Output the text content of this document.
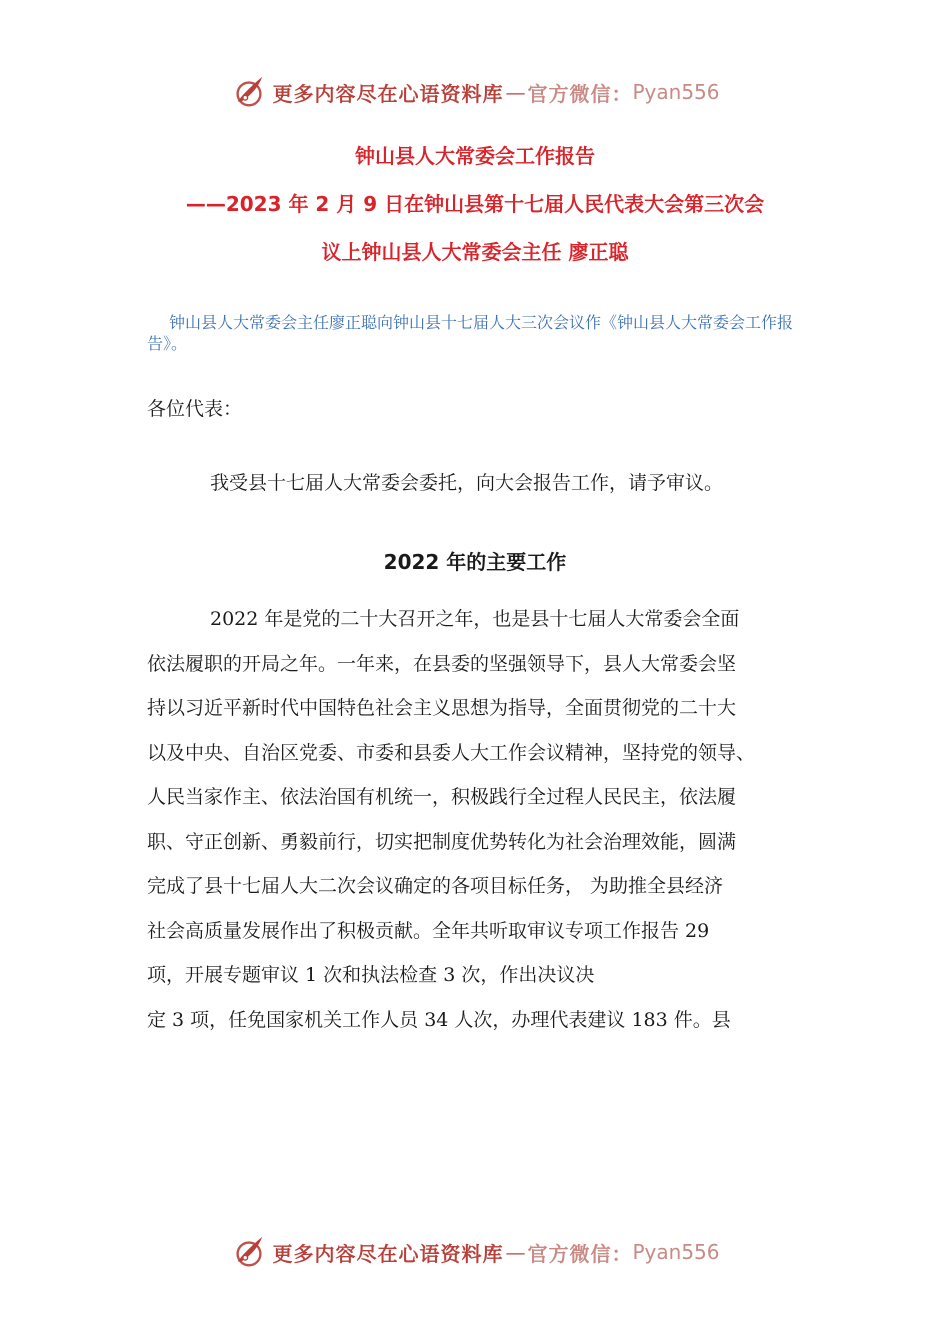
更多内容尽在心语资料库 — 官方微信： Pyan556
钟山县人大常委会工作报告
——2023 年 2 月 9 日在钟山县第十七届人民代表大会第三次会
议上钟山县人大常委会主任 廖正聪
钟山县人大常委会主任廖正聪向钟山县十七届人大三次会议作《钟山县人大常委会工作报告》。
各位代表：
我受县十七届人大常委会委托，向大会报告工作，请予审议。
2022 年的主要工作
2022 年是党的二十大召开之年，也是县十七届人大常委会全面
依法履职的开局之年。一年来，在县委的坚强领导下，县人大常委会坚
持以习近平新时代中国特色社会主义思想为指导，全面贯彻党的二十大
以及中央、自治区党委、市委和县委人大工作会议精神，坚持党的领导、
人民当家作主、依法治国有机统一，积极践行全过程人民民主，依法履
职、守正创新、勇毅前行，切实把制度优势转化为社会治理效能，圆满
完成了县十七届人大二次会议确定的各项目标任务， 为助推全县经济
社会高质量发展作出了积极贡献。全年共听取审议专项工作报告 29
项，开展专题审议 1 次和执法检查 3 次，作出决议决
定 3 项，任免国家机关工作人员 34 人次，办理代表建议 183 件。县
更多内容尽在心语资料库 — 官方微信： Pyan556
